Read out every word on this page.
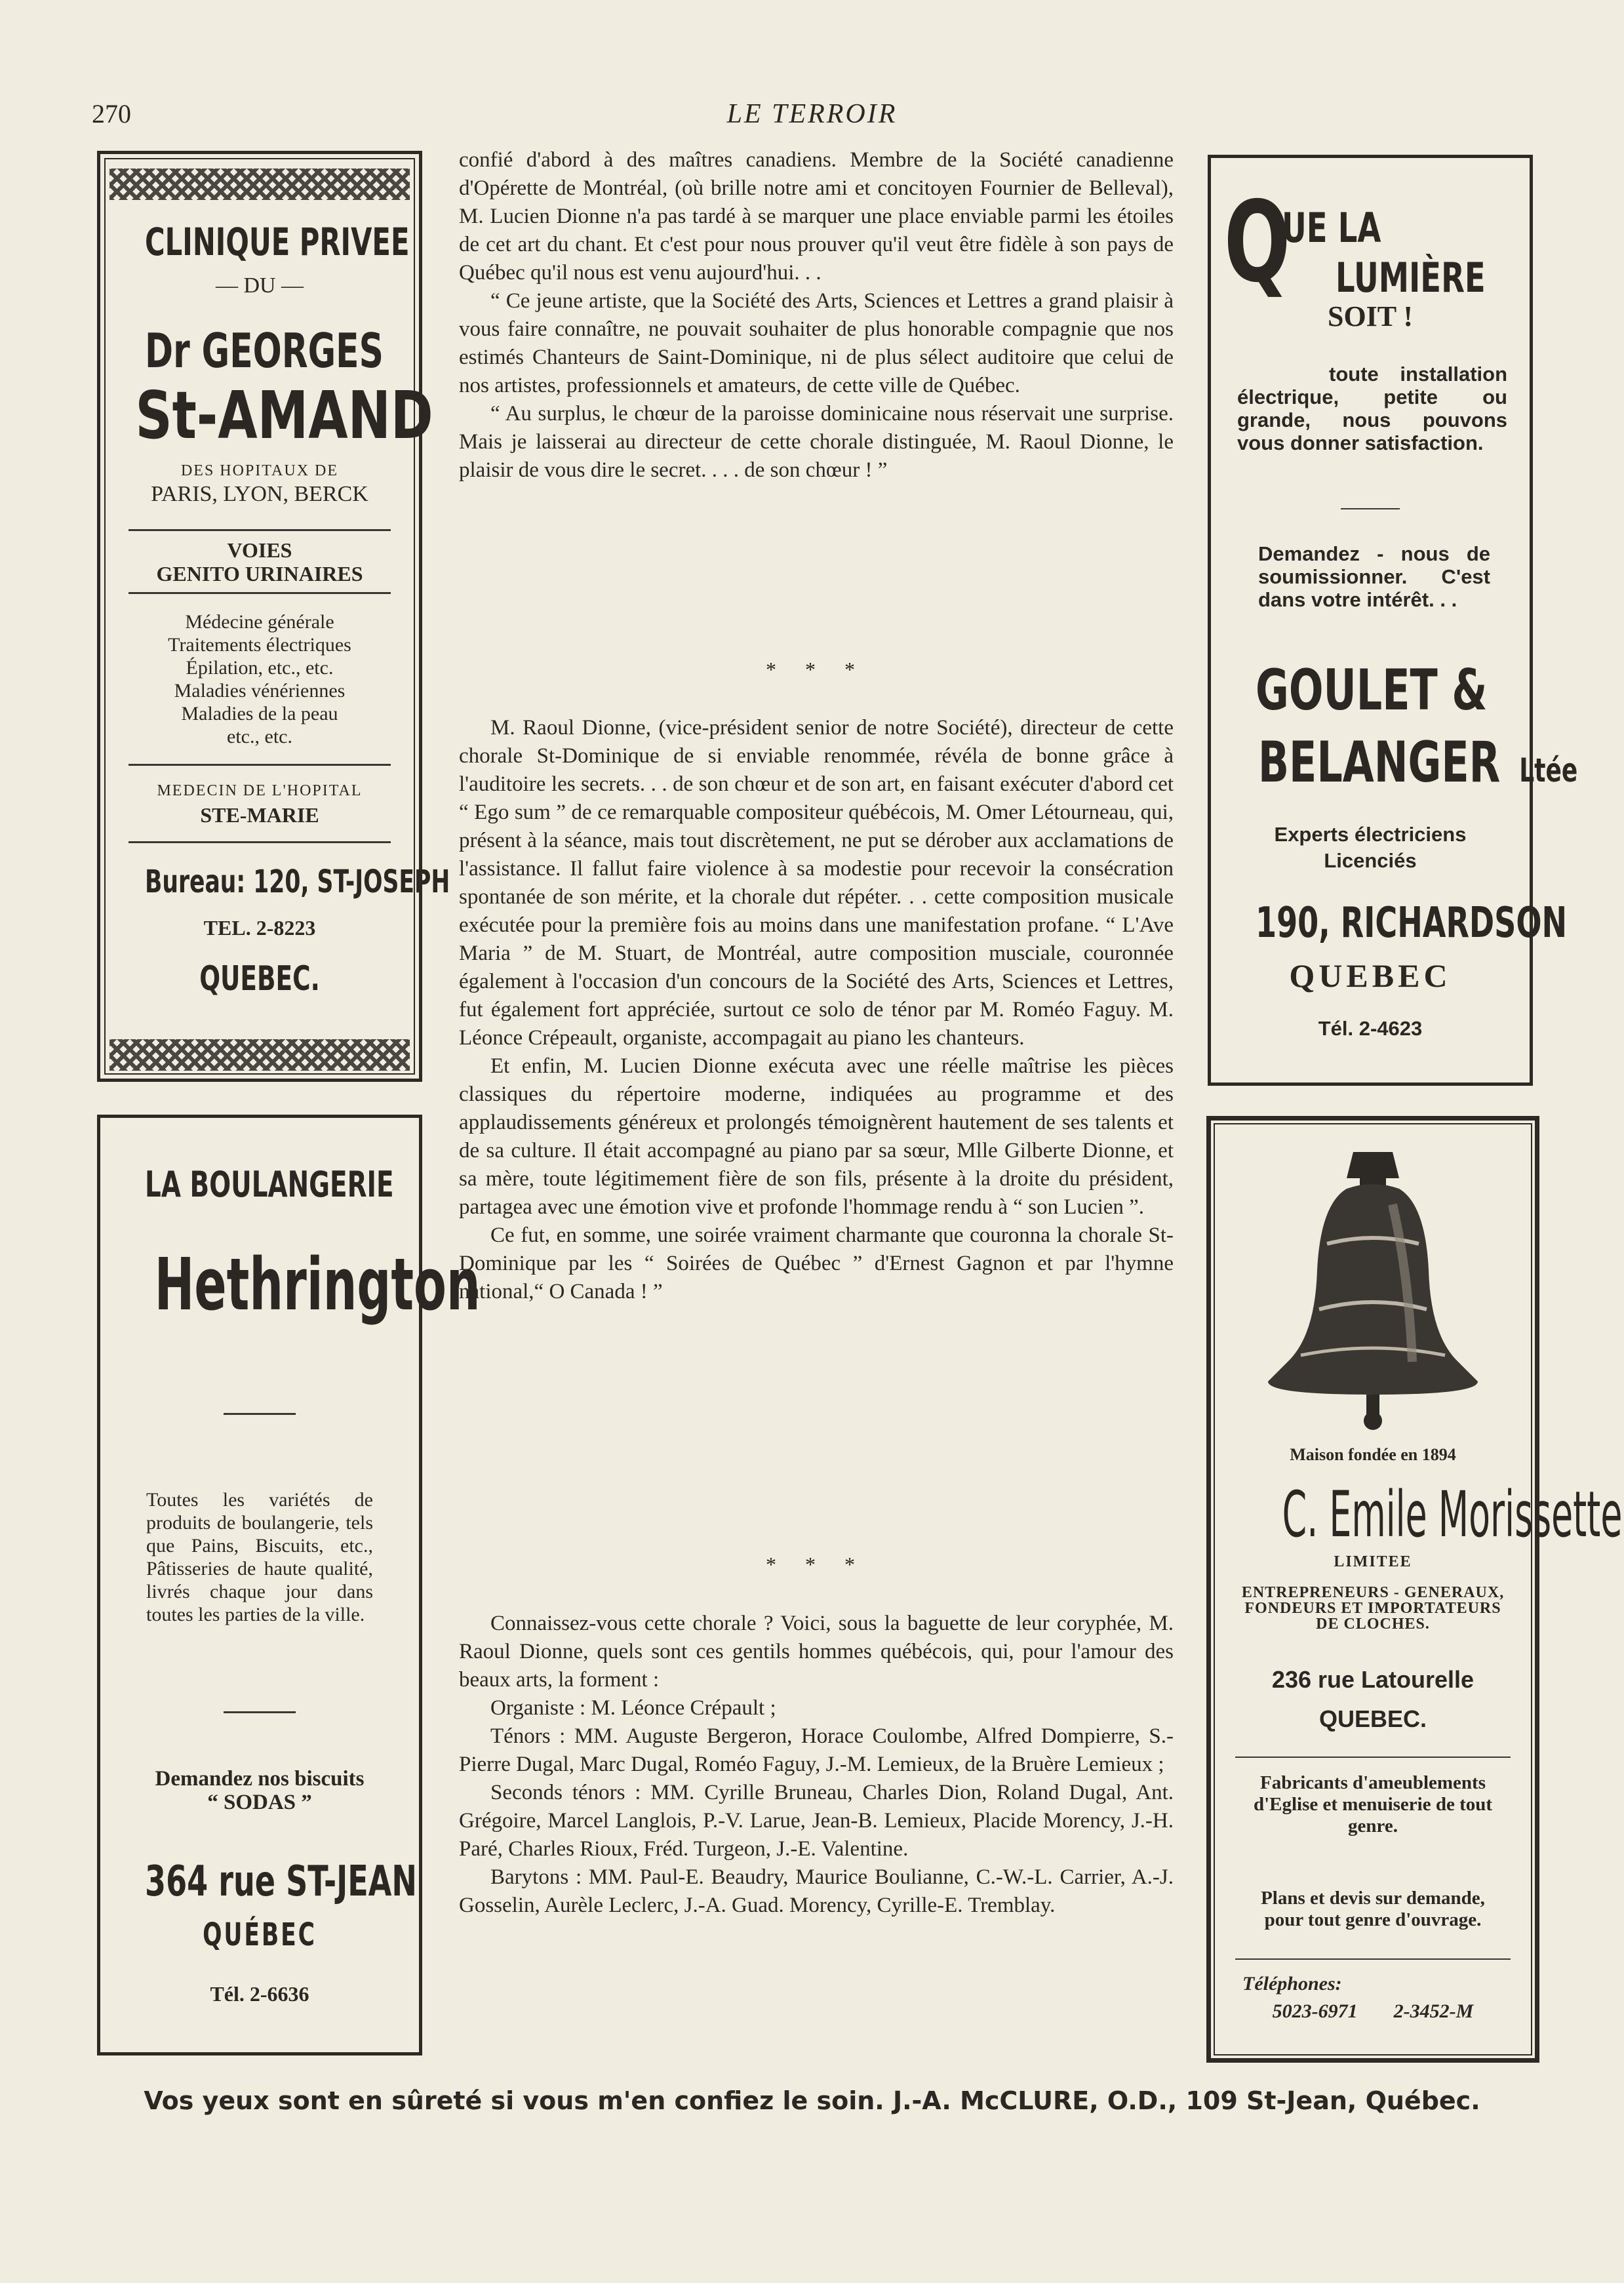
270	LE TERROIR
CLINIQUE PRIVEE
— DU —
Dr GEORGES
St-AMAND
DES HOPITAUX DE
PARIS, LYON, BERCK
VOIES
GENITO URINAIRES
Médecine générale
Traitements électriques
Épilation, etc., etc.
Maladies vénériennes
Maladies de la peau
etc., etc.
MEDECIN DE L'HOPITAL
STE-MARIE
Bureau: 120, ST-JOSEPH
TEL. 2-8223
QUEBEC.
LA BOULANGERIE
Hethrington
Toutes les variétés de produits de boulangerie, tels que Pains, Biscuits, etc., Pâtisseries de haute qualité, livrés chaque jour dans toutes les parties de la ville.
Demandez nos biscuits
“ SODAS ”
364 rue ST-JEAN
QUÉBEC
Tél. 2-6636
Q
UE LA
LUMIÈRE
SOIT !
toute installation électrique, petite ou grande, nous pouvons vous donner satisfaction.
Demandez - nous de soumissionner. C'est dans votre intérêt. . .
GOULET &
BELANGER Ltée
Experts électriciens
Licenciés
190, RICHARDSON
QUEBEC
Tél. 2-4623
Maison fondée en 1894
C. Emile Morissette
LIMITEE
ENTREPRENEURS - GENERAUX, FONDEURS ET IMPORTATEURS DE CLOCHES.
236 rue Latourelle
QUEBEC.
Fabricants d'ameublements d'Eglise et menuiserie de tout genre.
Plans et devis sur demande, pour tout genre d'ouvrage.
Téléphones:
5023-6971 2-3452-M

confié d'abord à des maîtres canadiens. Membre de la Société canadienne d'Opérette de Montréal, (où brille notre ami et concitoyen Fournier de Belleval), M. Lucien Dionne n'a pas tardé à se marquer une place enviable parmi les étoiles de cet art du chant. Et c'est pour nous prouver qu'il veut être fidèle à son pays de Québec qu'il nous est venu aujourd'hui. . .

“ Ce jeune artiste, que la Société des Arts, Sciences et Lettres a grand plaisir à vous faire connaître, ne pouvait souhaiter de plus honorable compagnie que nos estimés Chanteurs de Saint-Dominique, ni de plus sélect auditoire que celui de nos artistes, professionnels et amateurs, de cette ville de Québec.

“ Au surplus, le chœur de la paroisse dominicaine nous réservait une surprise. Mais je laisserai au directeur de cette chorale distinguée, M. Raoul Dionne, le plaisir de vous dire le secret. . . . de son chœur ! ”

* * *

M. Raoul Dionne, (vice-président senior de notre Société), directeur de cette chorale St-Dominique de si enviable renommée, révéla de bonne grâce à l'auditoire les secrets. . . de son chœur et de son art, en faisant exécuter d'abord cet “ Ego sum ” de ce remarquable compositeur québécois, M. Omer Létourneau, qui, présent à la séance, mais tout discrètement, ne put se dérober aux acclamations de l'assistance. Il fallut faire violence à sa modestie pour recevoir la consécration spontanée de son mérite, et la chorale dut répéter. . . cette composition musicale exécutée pour la première fois au moins dans une manifestation profane. “ L'Ave Maria ” de M. Stuart, de Montréal, autre composition musciale, couronnée également à l'occasion d'un concours de la Société des Arts, Sciences et Lettres, fut également fort appréciée, surtout ce solo de ténor par M. Roméo Faguy. M. Léonce Crépeault, organiste, accompagait au piano les chanteurs.

Et enfin, M. Lucien Dionne exécuta avec une réelle maîtrise les pièces classiques du répertoire moderne, indiquées au programme et des applaudissements généreux et prolongés témoignèrent hautement de ses talents et de sa culture. Il était accompagné au piano par sa sœur, Mlle Gilberte Dionne, et sa mère, toute légitimement fière de son fils, présente à la droite du président, partagea avec une émotion vive et profonde l'hommage rendu à “ son Lucien ”.

Ce fut, en somme, une soirée vraiment charmante que couronna la chorale St-Dominique par les “ Soirées de Québec ” d'Ernest Gagnon et par l'hymne national,“ O Canada ! ”

* * *

Connaissez-vous cette chorale ? Voici, sous la baguette de leur coryphée, M. Raoul Dionne, quels sont ces gentils hommes québécois, qui, pour l'amour des beaux arts, la forment :

Organiste : M. Léonce Crépault ;

Ténors : MM. Auguste Bergeron, Horace Coulombe, Alfred Dompierre, S.-Pierre Dugal, Marc Dugal, Roméo Faguy, J.-M. Lemieux, de la Bruère Lemieux ;

Seconds ténors : MM. Cyrille Bruneau, Charles Dion, Roland Dugal, Ant. Grégoire, Marcel Langlois, P.-V. Larue, Jean-B. Lemieux, Placide Morency, J.-H. Paré, Charles Rioux, Fréd. Turgeon, J.-E. Valentine.

Barytons : MM. Paul-E. Beaudry, Maurice Boulianne, C.-W.-L. Carrier, A.-J. Gosselin, Aurèle Leclerc, J.-A. Guad. Morency, Cyrille-E. Tremblay.

Vos yeux sont en sûreté si vous m'en confiez le soin. J.-A. McCLURE, O.D., 109 St-Jean, Québec.
